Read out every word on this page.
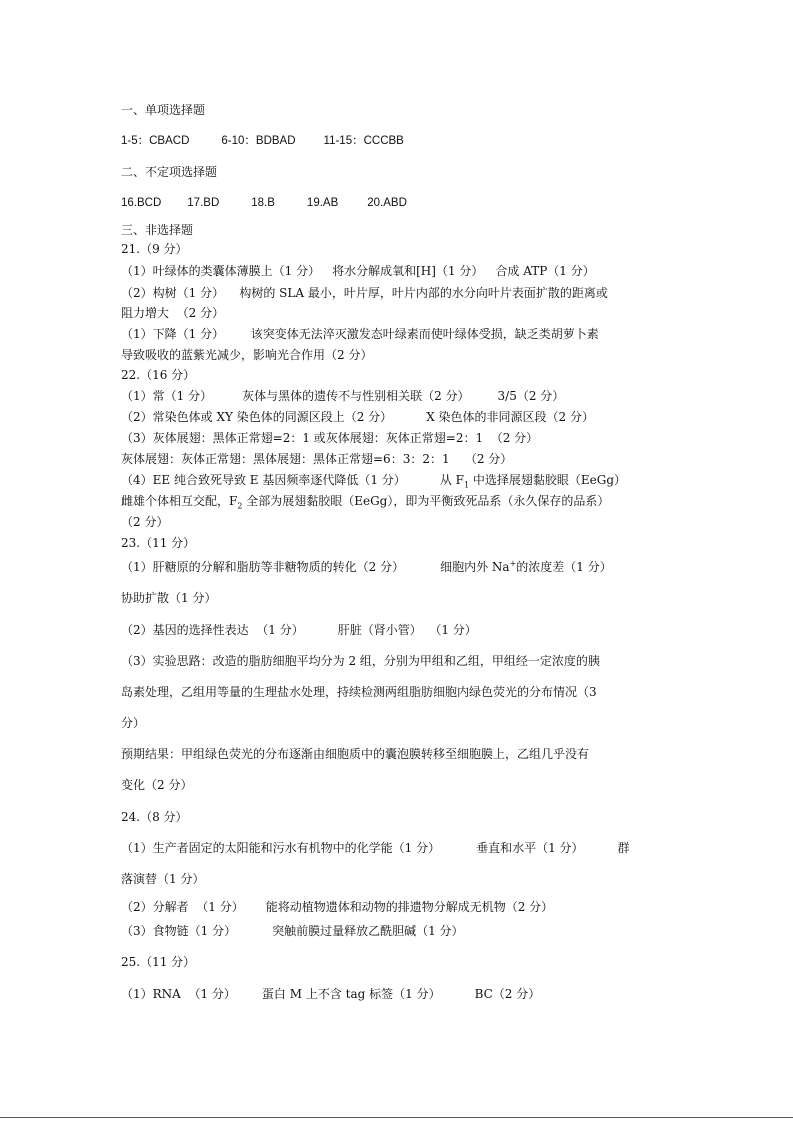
一、单项选择题
1-5：CBACD	6-10：BDBAD 11-15：CCCBB
二、不定项选择题
16.BCD 17.BD	18.B	19.AB	20.ABD
三、非选择题
21.（9 分）
（1）叶绿体的类囊体薄膜上（1 分） 将水分解成氧和[H]（1 分） 合成 ATP（1 分）
（2）构树（1 分）    构树的 SLA 最小，叶片厚，叶片内部的水分向叶片表面扩散的距离或
阻力增大  （2 分）
（1）下降（1 分）       该突变体无法淬灭激发态叶绿素而使叶绿体受损，缺乏类胡萝卜素
导致吸收的蓝紫光减少，影响光合作用（2 分）
22.（16 分）
（1）常（1 分）	灰体与黑体的遗传不与性别相关联（2 分） 3/5（2 分）
（2）常染色体或 XY 染色体的同源区段上（2 分）	X 染色体的非同源区段（2 分）
（3）灰体展翅：黑体正常翅=2：1 或灰体展翅：灰体正常翅=2：1  （2 分）
灰体展翅：灰体正常翅：黑体展翅：黑体正常翅=6：3：2：1    （2 分）
（4）EE 纯合致死导致 E 基因频率逐代降低（1 分）	从 $F_1$ 中选择展翅黏胶眼（EeGg）
雌雄个体相互交配，$F_2$ 全部为展翅黏胶眼（EeGg），即为平衡致死品系（永久保存的品系）
（2 分）
23.（11 分）
（1）肝糖原的分解和脂肪等非糖物质的转化（2 分）	细胞内外 Na+的浓度差（1 分）
协助扩散（1 分）
（2）基因的选择性表达  （1 分）	肝脏（肾小管）  （1 分）
（3）实验思路：改造的脂肪细胞平均分为 2 组，分别为甲组和乙组，甲组经一定浓度的胰
岛素处理，乙组用等量的生理盐水处理，持续检测两组脂肪细胞内绿色荧光的分布情况（3
分）
预期结果：甲组绿色荧光的分布逐渐由细胞质中的囊泡膜转移至细胞膜上，乙组几乎没有
变化（2 分）
24.（8 分）
（1）生产者固定的太阳能和污水有机物中的化学能（1 分）	垂直和水平（1 分）	群
落演替（1 分）
（2）分解者  （1 分） 能将动植物遗体和动物的排遗物分解成无机物（2 分）
（3）食物链（1 分）	突触前膜过量释放乙酰胆碱（1 分）
25.（11 分）
（1）RNA  （1 分） 蛋白 M 上不含 tag 标签（1 分）	BC（2 分）
